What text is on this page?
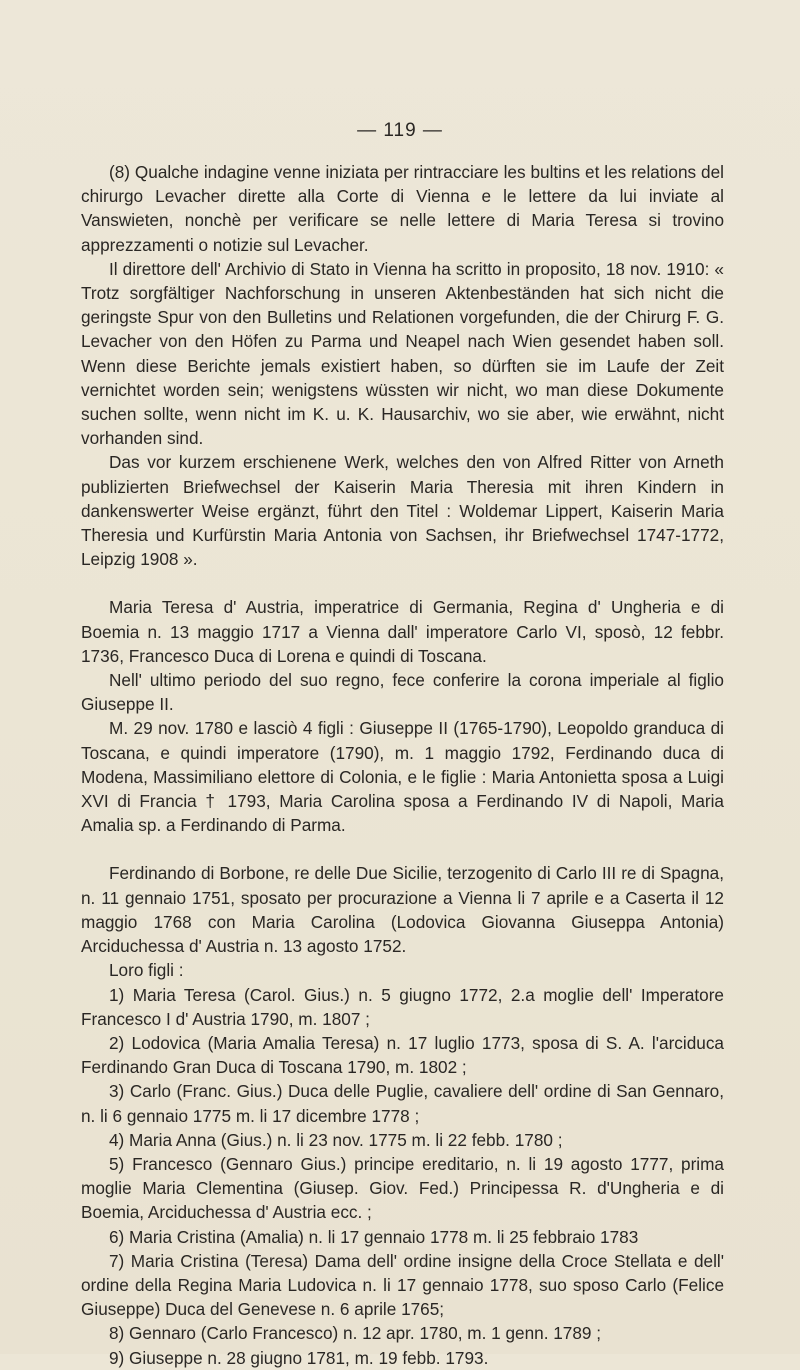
— 119 —

(8) Qualche indagine venne iniziata per rintracciare les bultins et les relations del chirurgo Levacher dirette alla Corte di Vienna e le lettere da lui inviate al Vanswieten, nonchè per verificare se nelle lettere di Maria Teresa si trovino apprezzamenti o notizie sul Levacher.

Il direttore dell' Archivio di Stato in Vienna ha scritto in proposito, 18 nov. 1910: « Trotz sorgfältiger Nachforschung in unseren Aktenbeständen hat sich nicht die geringste Spur von den Bulletins und Relationen vorgefunden, die der Chirurg F. G. Levacher von den Höfen zu Parma und Neapel nach Wien gesendet haben soll. Wenn diese Berichte jemals existiert haben, so dürften sie im Laufe der Zeit vernichtet worden sein; wenigstens wüssten wir nicht, wo man diese Dokumente suchen sollte, wenn nicht im K. u. K. Hausarchiv, wo sie aber, wie erwähnt, nicht vorhanden sind.

Das vor kurzem erschienene Werk, welches den von Alfred Ritter von Arneth publizierten Briefwechsel der Kaiserin Maria Theresia mit ihren Kindern in dankenswerter Weise ergänzt, führt den Titel : Woldemar Lippert, Kaiserin Maria Theresia und Kurfürstin Maria Antonia von Sachsen, ihr Briefwechsel 1747-1772, Leipzig 1908 ».

Maria Teresa d' Austria, imperatrice di Germania, Regina d' Ungheria e di Boemia n. 13 maggio 1717 a Vienna dall' imperatore Carlo VI, sposò, 12 febbr. 1736, Francesco Duca di Lorena e quindi di Toscana.

Nell' ultimo periodo del suo regno, fece conferire la corona imperiale al figlio Giuseppe II.

M. 29 nov. 1780 e lasciò 4 figli : Giuseppe II (1765-1790), Leopoldo granduca di Toscana, e quindi imperatore (1790), m. 1 maggio 1792, Ferdinando duca di Modena, Massimiliano elettore di Colonia, e le figlie : Maria Antonietta sposa a Luigi XVI di Francia † 1793, Maria Carolina sposa a Ferdinando IV di Napoli, Maria Amalia sp. a Ferdinando di Parma.

Ferdinando di Borbone, re delle Due Sicilie, terzogenito di Carlo III re di Spagna, n. 11 gennaio 1751, sposato per procurazione a Vienna li 7 aprile e a Caserta il 12 maggio 1768 con Maria Carolina (Lodovica Giovanna Giuseppa Antonia) Arciduchessa d' Austria n. 13 agosto 1752.

Loro figli :

1) Maria Teresa (Carol. Gius.) n. 5 giugno 1772, 2.a moglie dell' Imperatore Francesco I d' Austria 1790, m. 1807 ;

2) Lodovica (Maria Amalia Teresa) n. 17 luglio 1773, sposa di S. A. l'arciduca Ferdinando Gran Duca di Toscana 1790, m. 1802 ;

3) Carlo (Franc. Gius.) Duca delle Puglie, cavaliere dell' ordine di San Gennaro, n. li 6 gennaio 1775 m. li 17 dicembre 1778 ;

4) Maria Anna (Gius.) n. li 23 nov. 1775 m. li 22 febb. 1780 ;

5) Francesco (Gennaro Gius.) principe ereditario, n. li 19 agosto 1777, prima moglie Maria Clementina (Giusep. Giov. Fed.) Principessa R. d'Ungheria e di Boemia, Arciduchessa d' Austria ecc. ;

6) Maria Cristina (Amalia) n. li 17 gennaio 1778 m. li 25 febbraio 1783

7) Maria Cristina (Teresa) Dama dell' ordine insigne della Croce Stellata e dell' ordine della Regina Maria Ludovica n. li 17 gennaio 1778, suo sposo Carlo (Felice Giuseppe) Duca del Genevese n. 6 aprile 1765;

8) Gennaro (Carlo Francesco) n. 12 apr. 1780, m. 1 genn. 1789 ;

9) Giuseppe n. 28 giugno 1781, m. 19 febb. 1793.
